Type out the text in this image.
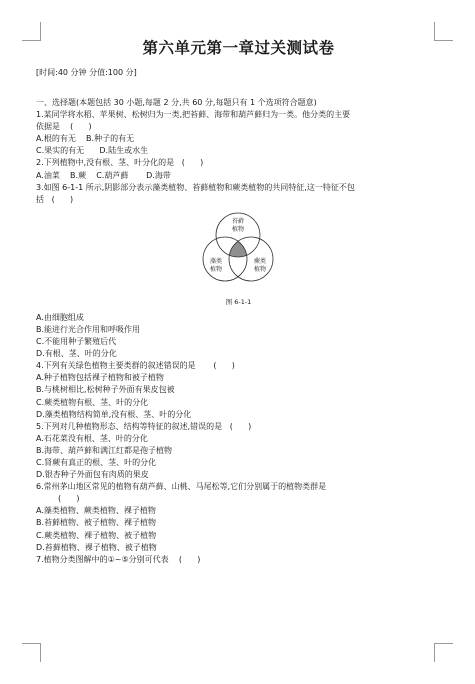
第六单元第一章过关测试卷
[时间:40 分钟 分值:100 分]
一、选择题(本题包括 30 小题,每题 2 分,共 60 分,每题只有 1 个选项符合题意)
1.某同学将水稻、苹果树、松树归为一类,把苔藓、海带和葫芦藓归为一类。他分类的主要
依据是    (      )
A.根的有无    B.种子的有无
C.果实的有无      D.陆生或水生
2.下列植物中,没有根、茎、叶分化的是   (      )
A.油菜    B.蕨    C.葫芦藓       D.海带
3.如图 6-1-1 所示,阴影部分表示藻类植物、苔藓植物和蕨类植物的共同特征,这一特征不包
括   (      )
苔藓
植物
藻类
植物
蕨类
植物
图 6-1-1
A.由细胞组成
B.能进行光合作用和呼吸作用
C.不能用种子繁殖后代
D.有根、茎、叶的分化
4.下列有关绿色植物主要类群的叙述错误的是       (      )
A.种子植物包括裸子植物和被子植物
B.与桃树相比,松树种子外面有果皮包被
C.蕨类植物有根、茎、叶的分化
D.藻类植物结构简单,没有根、茎、叶的分化
5.下列对几种植物形态、结构等特征的叙述,错误的是   (      )
A.石花菜没有根、茎、叶的分化
B.海带、葫芦藓和满江红都是孢子植物
C.肾蕨有真正的根、茎、叶的分化
D.银杏种子外面包有肉质的果皮
6.常州茅山地区常见的植物有葫芦藓、山桃、马尾松等,它们分别属于的植物类群是
(      )
A.藻类植物、蕨类植物、裸子植物
B.苔藓植物、被子植物、裸子植物
C.蕨类植物、裸子植物、被子植物
D.苔藓植物、裸子植物、被子植物
7.植物分类图解中的①~⑤分别可代表    (      )
